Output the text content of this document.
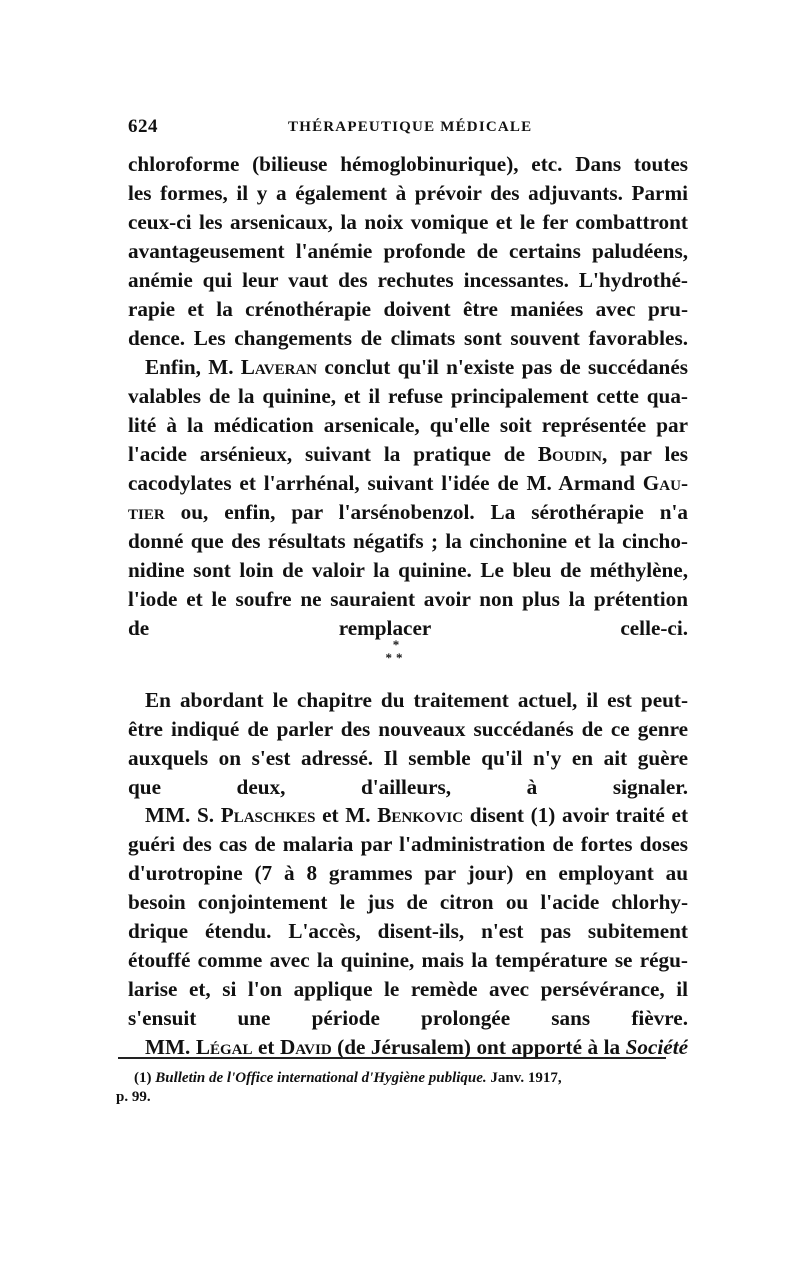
624	THÉRAPEUTIQUE MÉDICALE
chloroforme (bilieuse hémoglobinurique), etc. Dans toutes
les formes, il y a également à prévoir des adjuvants. Parmi
ceux-ci les arsenicaux, la noix vomique et le fer combattront
avantageusement l'anémie profonde de certains paludéens,
anémie qui leur vaut des rechutes incessantes. L'hydrothé-
rapie et la crénothérapie doivent être maniées avec pru-
dence. Les changements de climats sont souvent favorables.
Enfin, M. Laveran conclut qu'il n'existe pas de succédanés
valables de la quinine, et il refuse principalement cette qua-
lité à la médication arsenicale, qu'elle soit représentée par
l'acide arsénieux, suivant la pratique de Boudin, par les
cacodylates et l'arrhénal, suivant l'idée de M. Armand Gau-
tier ou, enfin, par l'arsénobenzol. La sérothérapie n'a
donné que des résultats négatifs ; la cinchonine et la cincho-
nidine sont loin de valoir la quinine. Le bleu de méthylène,
l'iode et le soufre ne sauraient avoir non plus la prétention
de remplacer celle-ci.
*
**
En abordant le chapitre du traitement actuel, il est peut-
être indiqué de parler des nouveaux succédanés de ce genre
auxquels on s'est adressé. Il semble qu'il n'y en ait guère
que deux, d'ailleurs, à signaler.
MM. S. Plaschkes et M. Benkovic disent (1) avoir traité et
guéri des cas de malaria par l'administration de fortes doses
d'urotropine (7 à 8 grammes par jour) en employant au
besoin conjointement le jus de citron ou l'acide chlorhy-
drique étendu. L'accès, disent-ils, n'est pas subitement
étouffé comme avec la quinine, mais la température se régu-
larise et, si l'on applique le remède avec persévérance, il
s'ensuit une période prolongée sans fièvre.
MM. Légal et David (de Jérusalem) ont apporté à la Société
(1) Bulletin de l'Office international d'Hygiène publique. Janv. 1917,
p. 99.
